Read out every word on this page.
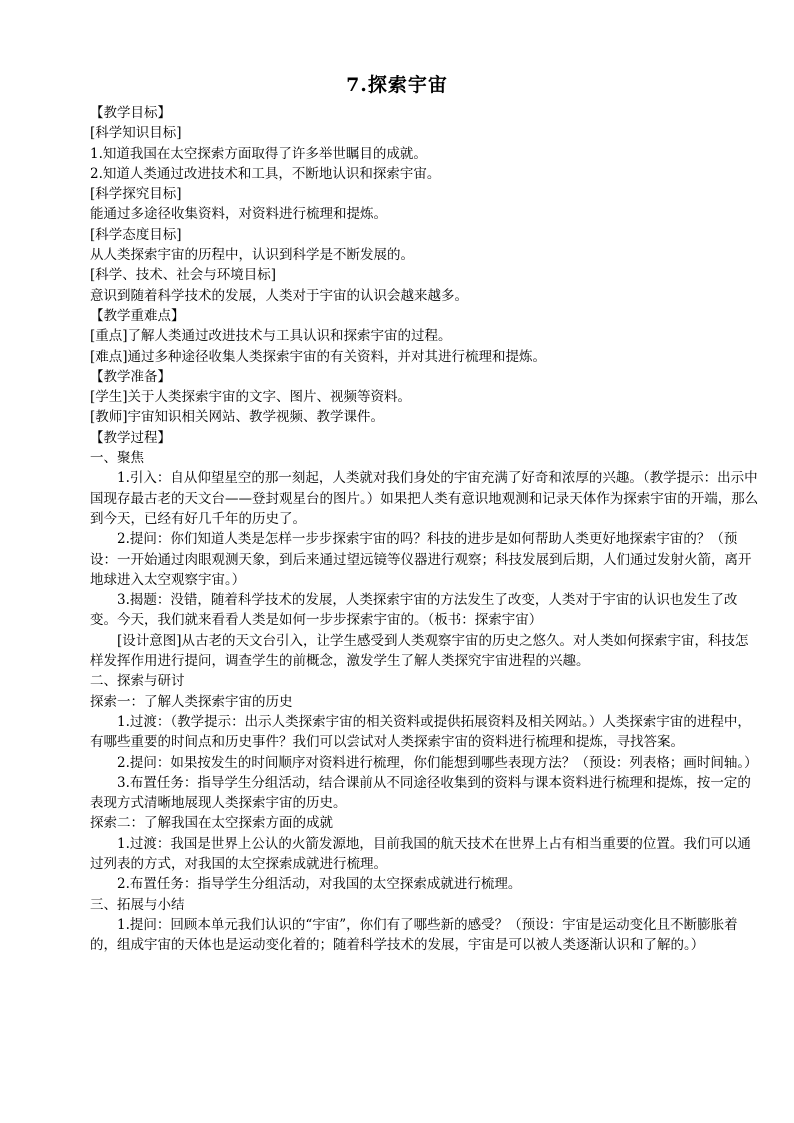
7.探索宇宙

【教学目标】

[科学知识目标]

1.知道我国在太空探索方面取得了许多举世瞩目的成就。

2.知道人类通过改进技术和工具，不断地认识和探索宇宙。

[科学探究目标]

能通过多途径收集资料，对资料进行梳理和提炼。

[科学态度目标]

从人类探索宇宙的历程中，认识到科学是不断发展的。

[科学、技术、社会与环境目标]

意识到随着科学技术的发展，人类对于宇宙的认识会越来越多。

【教学重难点】

[重点]了解人类通过改进技术与工具认识和探索宇宙的过程。

[难点]通过多种途径收集人类探索宇宙的有关资料，并对其进行梳理和提炼。

【教学准备】

[学生]关于人类探索宇宙的文字、图片、视频等资料。

[教师]宇宙知识相关网站、教学视频、教学课件。

【教学过程】

一、聚焦

1.引入：自从仰望星空的那一刻起，人类就对我们身处的宇宙充满了好奇和浓厚的兴趣。（教学提示：出示中国现存最古老的天文台——登封观星台的图片。）如果把人类有意识地观测和记录天体作为探索宇宙的开端，那么到今天，已经有好几千年的历史了。

2.提问：你们知道人类是怎样一步步探索宇宙的吗？科技的进步是如何帮助人类更好地探索宇宙的？（预设：一开始通过肉眼观测天象，到后来通过望远镜等仪器进行观察；科技发展到后期，人们通过发射火箭，离开地球进入太空观察宇宙。）

3.揭题：没错，随着科学技术的发展，人类探索宇宙的方法发生了改变，人类对于宇宙的认识也发生了改变。今天，我们就来看看人类是如何一步步探索宇宙的。（板书：探索宇宙）

[设计意图]从古老的天文台引入，让学生感受到人类观察宇宙的历史之悠久。对人类如何探索宇宙，科技怎样发挥作用进行提问，调查学生的前概念，激发学生了解人类探究宇宙进程的兴趣。

二、探索与研讨

探索一：了解人类探索宇宙的历史

1.过渡：（教学提示：出示人类探索宇宙的相关资料或提供拓展资料及相关网站。）人类探索宇宙的进程中，有哪些重要的时间点和历史事件？我们可以尝试对人类探索宇宙的资料进行梳理和提炼，寻找答案。

2.提问：如果按发生的时间顺序对资料进行梳理，你们能想到哪些表现方法？（预设：列表格；画时间轴。）

3.布置任务：指导学生分组活动，结合课前从不同途径收集到的资料与课本资料进行梳理和提炼，按一定的表现方式清晰地展现人类探索宇宙的历史。

探索二：了解我国在太空探索方面的成就

1.过渡：我国是世界上公认的火箭发源地，目前我国的航天技术在世界上占有相当重要的位置。我们可以通过列表的方式，对我国的太空探索成就进行梳理。

2.布置任务：指导学生分组活动，对我国的太空探索成就进行梳理。

三、拓展与小结

1.提问：回顾本单元我们认识的“宇宙”，你们有了哪些新的感受？（预设：宇宙是运动变化且不断膨胀着的，组成宇宙的天体也是运动变化着的；随着科学技术的发展，宇宙是可以被人类逐渐认识和了解的。）
